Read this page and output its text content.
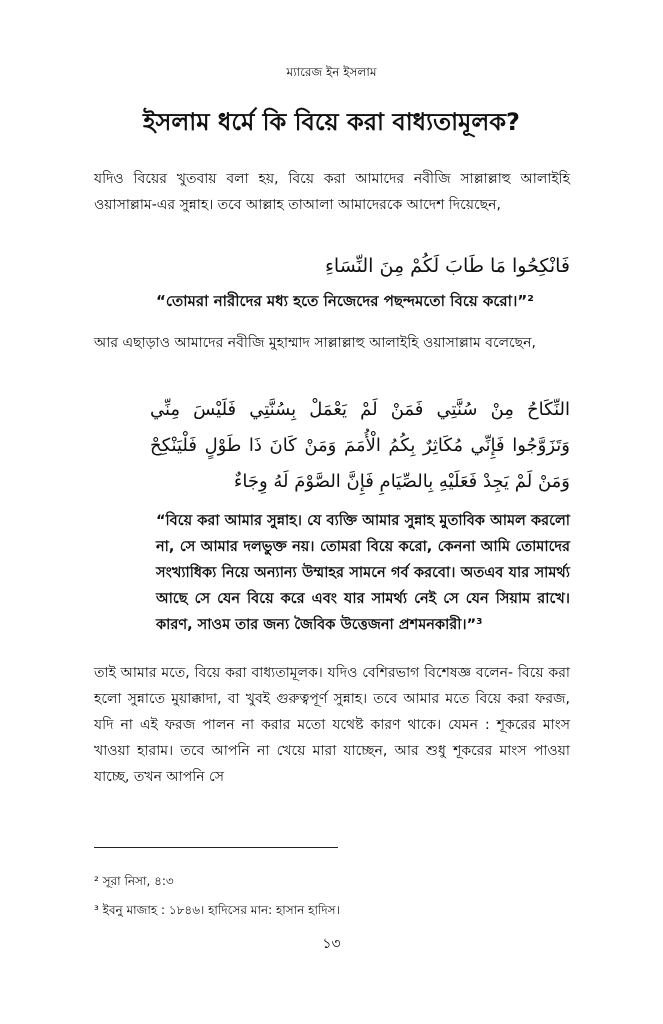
ম্যারেজ ইন ইসলাম
ইসলাম ধর্মে কি বিয়ে করা বাধ্যতামূলক?
যদিও বিয়ের খুতবায় বলা হয়, বিয়ে করা আমাদের নবীজি সাল্লাল্লাহু আলাইহি ওয়াসাল্লাম-এর সুন্নাহ। তবে আল্লাহ তাআলা আমাদেরকে আদেশ দিয়েছেন,
فَانْكِحُوا مَا طَابَ لَكُمْ مِنَ النِّسَاءِ
“তোমরা নারীদের মধ্য হতে নিজেদের পছন্দমতো বিয়ে করো।”²
আর এছাড়াও আমাদের নবীজি মুহাম্মাদ সাল্লাল্লাহু আলাইহি ওয়াসাল্লাম বলেছেন,
النِّكَاحُ مِنْ سُنَّتِي فَمَنْ لَمْ يَعْمَلْ بِسُنَّتِي فَلَيْسَ مِنِّي وَتَزَوَّجُوا فَإِنِّي مُكَاثِرٌ بِكُمُ الْأُمَمَ وَمَنْ كَانَ ذَا طَوْلٍ فَلْيَنْكِحْ وَمَنْ لَمْ يَجِدْ فَعَلَيْهِ بِالصِّيَامِ فَإِنَّ الصَّوْمَ لَهُ وِجَاءٌ
“বিয়ে করা আমার সুন্নাহ। যে ব্যক্তি আমার সুন্নাহ মুতাবিক আমল করলো না, সে আমার দলভুক্ত নয়। তোমরা বিয়ে করো, কেননা আমি তোমাদের সংখ্যাধিক্য নিয়ে অন্যান্য উম্মাহর সামনে গর্ব করবো। অতএব যার সামর্থ্য আছে সে যেন বিয়ে করে এবং যার সামর্থ্য নেই সে যেন সিয়াম রাখে। কারণ, সাওম তার জন্য জৈবিক উত্তেজনা প্রশমনকারী।”³
তাই আমার মতে, বিয়ে করা বাধ্যতামূলক। যদিও বেশিরভাগ বিশেষজ্ঞ বলেন- বিয়ে করা হলো সুন্নাতে মুয়াক্কাদা, বা খুবই গুরুত্বপূর্ণ সুন্নাহ। তবে আমার মতে বিয়ে করা ফরজ, যদি না এই ফরজ পালন না করার মতো যথেষ্ট কারণ থাকে। যেমন : শূকরের মাংস খাওয়া হারাম। তবে আপনি না খেয়ে মারা যাচ্ছেন, আর শুধু শূকরের মাংস পাওয়া যাচ্ছে, তখন আপনি সে
² সূরা নিসা, ৪:৩
³ ইবনু মাজাহ : ১৮৪৬। হাদিসের মান: হাসান হাদিস।
১৩
